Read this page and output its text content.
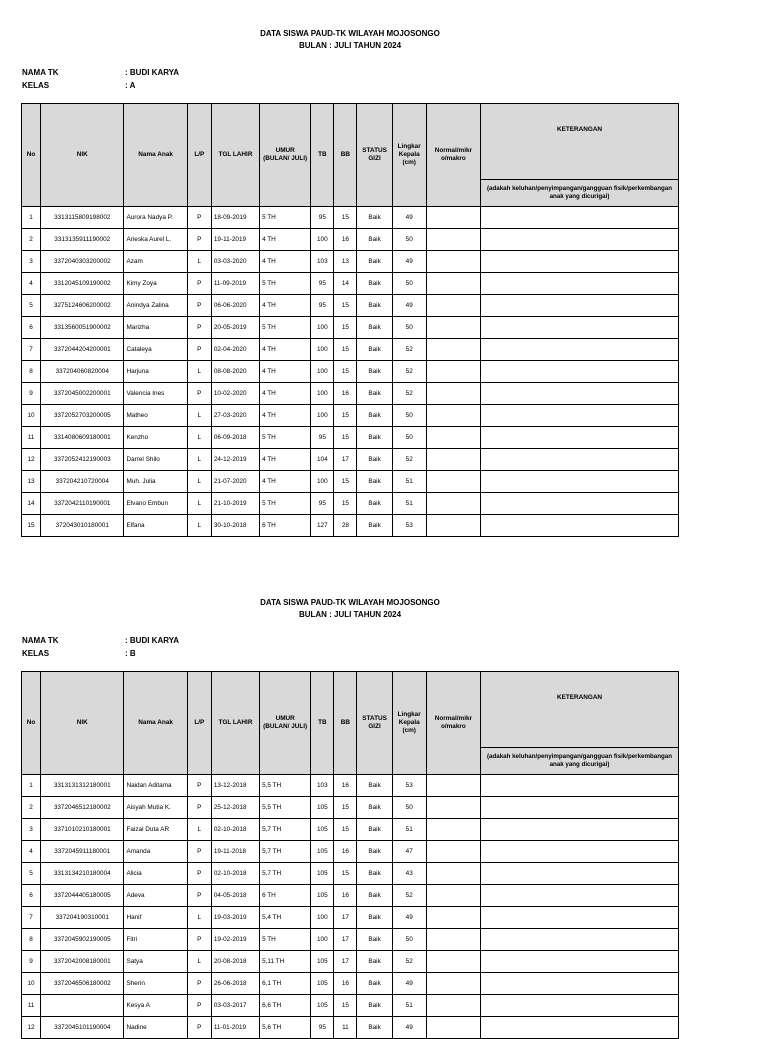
DATA SISWA PAUD-TK WILAYAH MOJOSONGO
BULAN : JULI TAHUN 2024
NAMA TK	: BUDI KARYA
KELAS	: A
No	NIK	Nama Anak	L/P	TGL LAHIR	UMUR (BULAN/ JULI)	TB	BB	STATUS GIZI	Lingkar Kepala (cm)	Normal/mikr o/makro	KETERANGAN
											(adakah keluhan/penyimpangan/gangguan fisik/perkembangan anak yang dicurigai)
1	3313115809198002	Aurora Nadya P.	P	18-09-2019	5 TH	95	15	Baik	49		
2	3313135911190002	Arieska Aurel L.	P	19-11-2019	4 TH	100	16	Baik	50		
3	3372040303200002	Azam	L	03-03-2020	4 TH	103	13	Baik	49		
4	3312045109190002	Kimy Zoya	P	11-09-2019	5 TH	95	14	Baik	50		
5	3275124606200002	Anindya Zalina	P	06-06-2020	4 TH	95	15	Baik	49		
6	3313560051900002	Marizha	P	20-05-2019	5 TH	100	15	Baik	50		
7	3372044204200001	Cataleya	P	02-04-2020	4 TH	100	15	Baik	52		
8	337204060820004	Harjuna	L	08-08-2020	4 TH	100	15	Baik	52		
9	3372045002200001	Valencia Ines	P	10-02-2020	4 TH	100	16	Baik	52		
10	3372052703200005	Matheo	L	27-03-2020	4 TH	100	15	Baik	50		
11	3314080609180001	Kenzho	L	06-09-2018	5 TH	95	15	Baik	50		
12	3372052412190003	Darrel Shilo	L	24-12-2019	4 TH	104	17	Baik	52		
13	337204210720004	Muh. Julia	L	21-07-2020	4 TH	100	15	Baik	51		
14	3372042110190001	Elvano Embun	L	21-10-2019	5 TH	95	15	Baik	51		
15	372043010180001	Elfana	L	30-10-2018	6 TH	127	28	Baik	53		
DATA SISWA PAUD-TK WILAYAH MOJOSONGO
BULAN : JULI TAHUN 2024
NAMA TK	: BUDI KARYA
KELAS	: B
No	NIK	Nama Anak	L/P	TGL LAHIR	UMUR (BULAN/ JULI)	TB	BB	STATUS GIZI	Lingkar Kepala (cm)	Normal/mikr o/makro	KETERANGAN
											(adakah keluhan/penyimpangan/gangguan fisik/perkembangan anak yang dicurigai)
1	3313131312180001	Naidan Aditama	P	13-12-2018	5,5 TH	103	16	Baik	53		
2	3372046512180002	Aisyah Mutia K.	P	25-12-2018	5,5 TH	105	15	Baik	50		
3	3371010210180001	Faizal Duta AR	L	02-10-2018	5,7 TH	105	15	Baik	51		
4	3372045911180001	Amanda	P	19-11-2018	5,7 TH	105	16	Baik	47		
5	3313134210180004	Alicia	P	02-10-2018	5,7 TH	105	15	Baik	43		
6	3372044405180005	Adeva	P	04-05-2018	6 TH	105	16	Baik	52		
7	337204190310001	Hanif	L	19-03-2019	5,4 TH	100	17	Baik	49		
8	3372045902190005	Fitri	P	19-02-2019	5 TH	100	17	Baik	50		
9	3372042008180001	Satya	L	20-08-2018	5,11 TH	105	17	Baik	52		
10	3372046506180002	Sherin	P	26-06-2018	6,1 TH	105	16	Baik	49		
11		Kesya A	P	03-03-2017	6,6 TH	105	15	Baik	51		
12	3372045101190004	Nadine	P	11-01-2019	5,6 TH	95	11	Baik	49		
